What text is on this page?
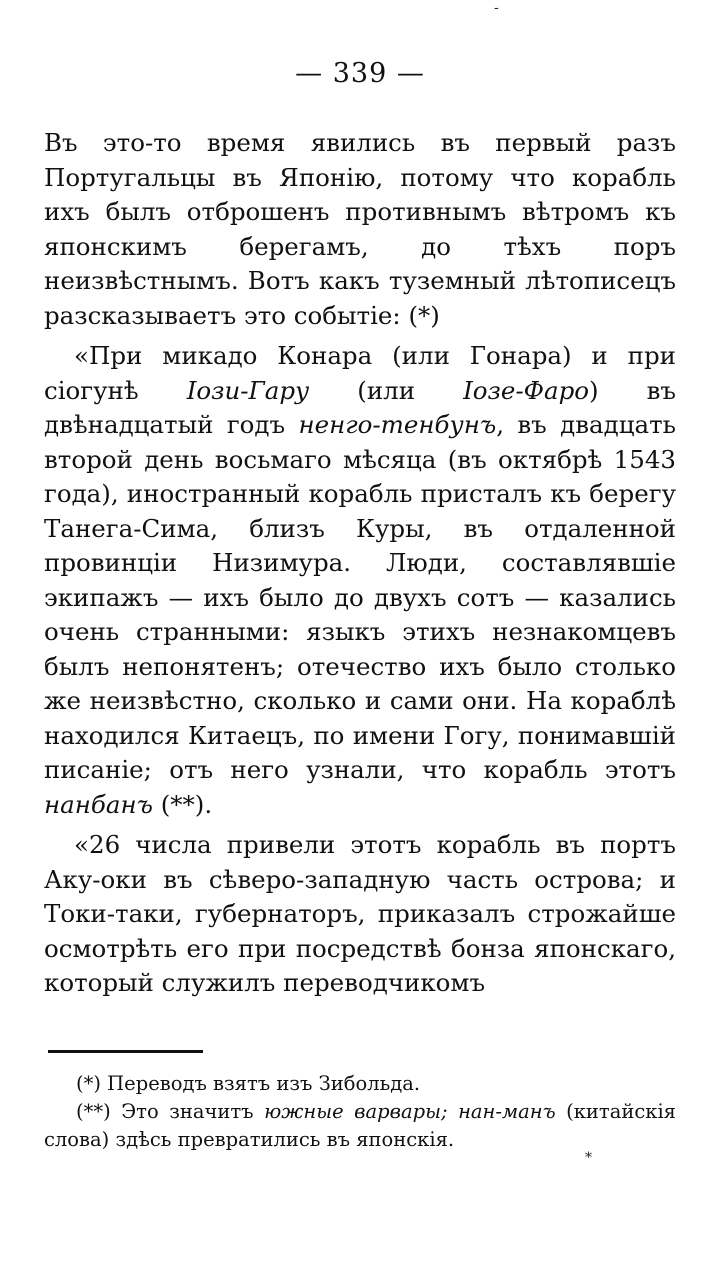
-
— 339 —

Въ это-то время явились въ первый разъ Португальцы въ Японію, потому что корабль ихъ былъ отброшенъ противнымъ вѣтромъ къ японскимъ берегамъ, до тѣхъ поръ неизвѣстнымъ. Вотъ какъ туземный лѣтописецъ разсказываетъ это событіе: (*)

«При микадо Конара (или Гонара) и при сіогунѣ Іози-Гару (или Іозе-Фаро) въ двѣнадцатый годъ ненго-тенбунъ, въ двадцать второй день восьмаго мѣсяца (въ октябрѣ 1543 года), иностранный корабль присталъ къ берегу Танега-Сима, близъ Куры, въ отдаленной провинціи Низимура. Люди, составлявшіе экипажъ — ихъ было до двухъ сотъ — казались очень странными: языкъ этихъ незнакомцевъ былъ непонятенъ; отечество ихъ было столько же неизвѣстно, сколько и сами они. На кораблѣ находился Китаецъ, по имени Гогу, понимавшій писаніе; отъ него узнали, что корабль этотъ нанбанъ (**).

«26 числа привели этотъ корабль въ портъ Аку-оки въ сѣверо-западную часть острова; и Токи-таки, губернаторъ, приказалъ строжайше осмотрѣть его при посредствѣ бонза японскаго, который служилъ переводчикомъ

(*) Переводъ взятъ изъ Зибольда.

(**) Это значитъ южные варвары; нан-манъ (китайскія слова) здѣсь превратились въ японскія.

*
